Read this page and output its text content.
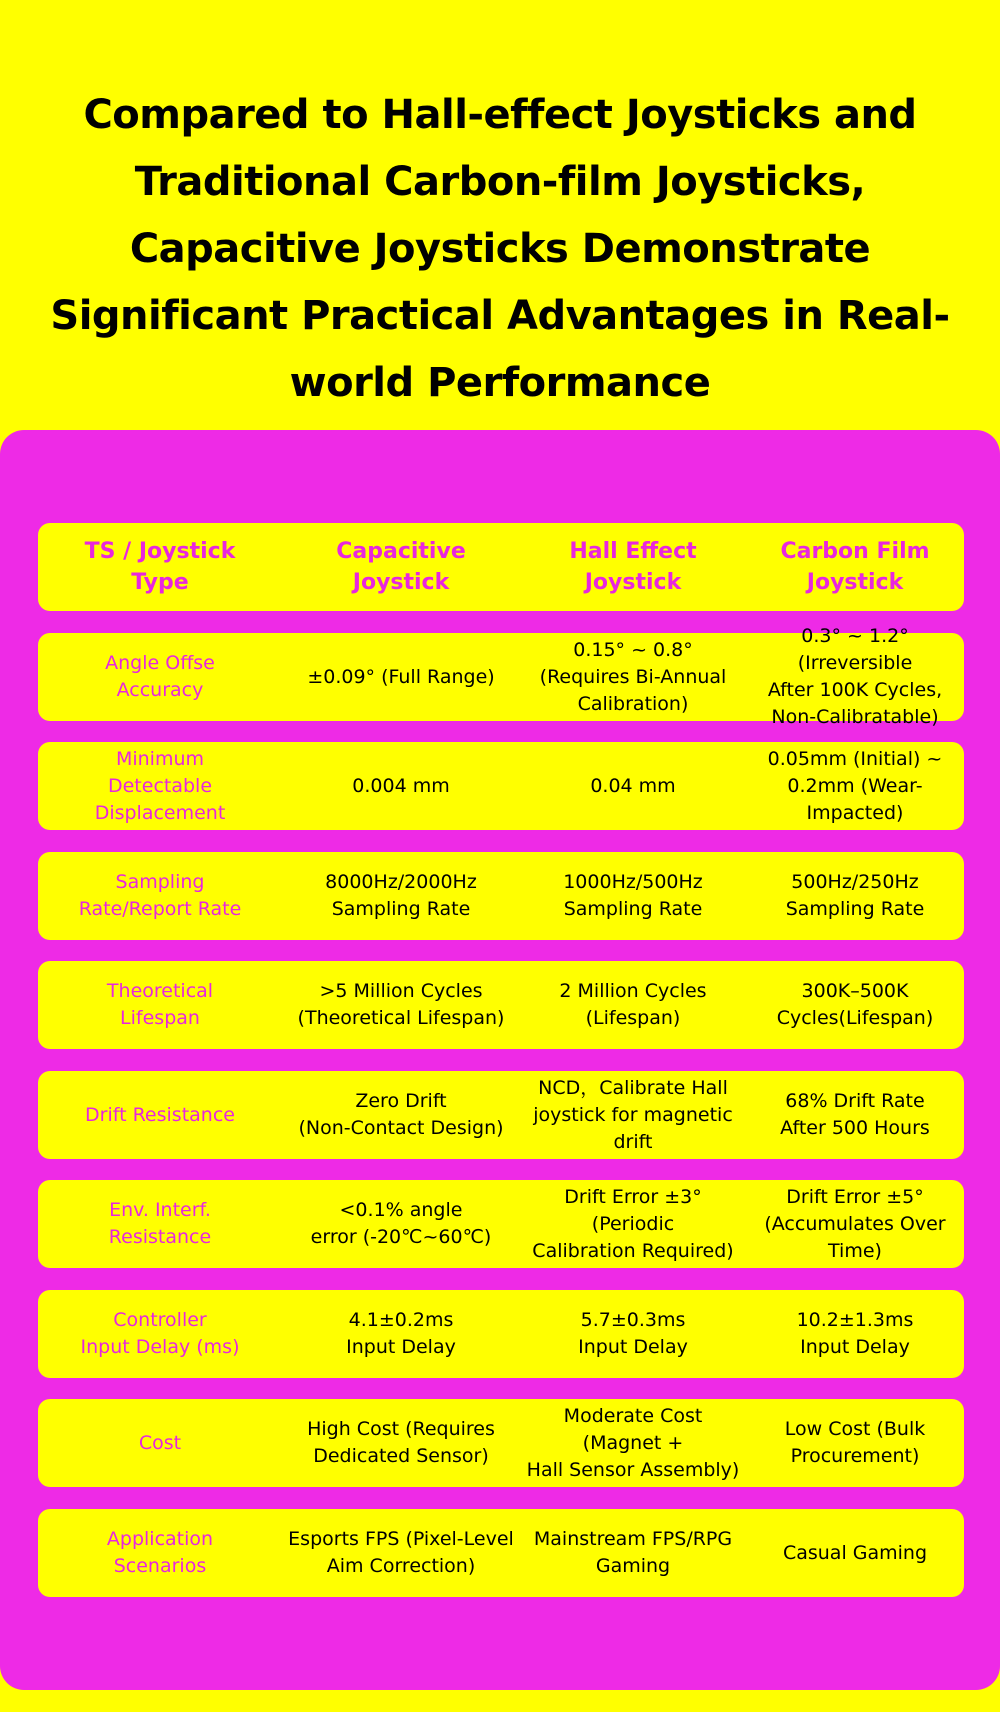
Compared to Hall-effect Joysticks and Traditional Carbon-film Joysticks, Capacitive Joysticks Demonstrate Significant Practical Advantages in Real-world Performance
TS / Joystick
Type
Capacitive
Joystick
Hall Effect
Joystick
Carbon Film
Joystick
Angle Offse
Accuracy
±0.09° (Full Range)
0.15° ~ 0.8°
(Requires Bi-Annual
Calibration)
0.3° ~ 1.2° (Irreversible
After 100K Cycles,
Non-Calibratable)
Minimum
Detectable Displacement
0.004 mm	0.04 mm
0.05mm (Initial) ~
0.2mm (Wear-
Impacted)
Sampling
Rate/Report Rate
8000Hz/2000Hz
Sampling Rate
1000Hz/500Hz
Sampling Rate
500Hz/250Hz
Sampling Rate
Theoretical
Lifespan
>5 Million Cycles
(Theoretical Lifespan)
2 Million Cycles
(Lifespan)
300K–500K
Cycles(Lifespan)
Drift Resistance
Zero Drift
(Non-Contact Design)
NCD，Calibrate Hall
joystick for magnetic
drift
68% Drift Rate
After 500 Hours
Env. Interf.
Resistance
<0.1% angle
error (-20℃~60℃)
Drift Error ±3° (Periodic
Calibration Required)
Drift Error ±5°
(Accumulates Over Time)
Controller
Input Delay (ms)
4.1±0.2ms
Input Delay
5.7±0.3ms
Input Delay
10.2±1.3ms
Input Delay
Cost
High Cost (Requires
Dedicated Sensor)
Moderate Cost (Magnet +
Hall Sensor Assembly)
Low Cost (Bulk
Procurement)
Application
Scenarios
Esports FPS (Pixel-Level
Aim Correction)
Mainstream FPS/RPG
Gaming
Casual Gaming
